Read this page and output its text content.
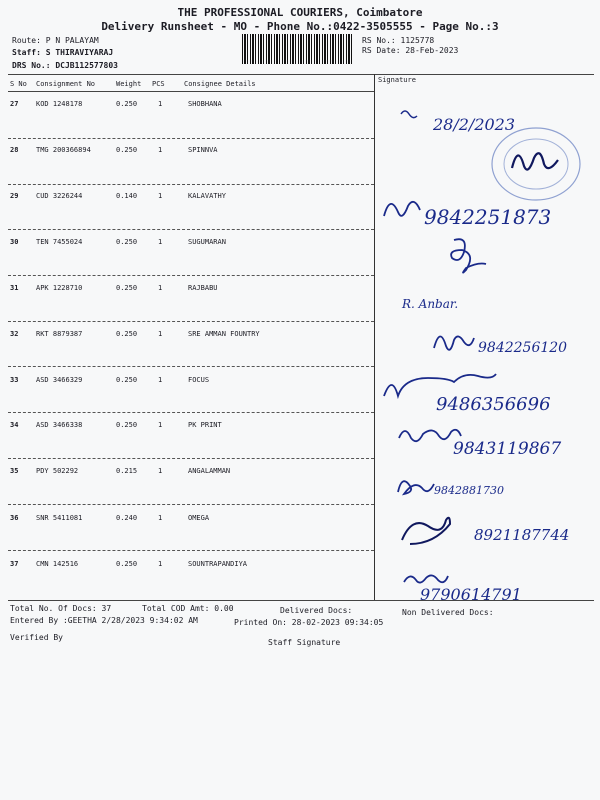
THE PROFESSIONAL COURIERS, Coimbatore
Delivery Runsheet - MO - Phone No.:0422-3505555 - Page No.:3
Route: P N PALAYAM
Staff: S THIRAVIYARAJ
DRS No.: DCJB112577803
RS No.: 1125778
RS Date: 28-Feb-2023
S No Consignment No	Weight PCS	Consignee Details	Signature
27	KOD 1248178	0.250	1	SHOBHANA
28	TMG 200366894	0.250	1	SPINNVA
29	CUD 3226244	0.140	1	KALAVATHY
30	TEN 7455024	0.250	1	SUGUMARAN
31	APK 1228710	0.250	1	RAJBABU
32	RKT 8879387	0.250	1	SRE AMMAN FOUNTRY
33	ASD 3466329	0.250	1	FOCUS
34	ASD 3466338	0.250	1	PK PRINT
35	PDY 502292	0.215	1	ANGALAMMAN
36	SNR 5411081	0.240	1	OMEGA
37	CMN 142516	0.250	1	SOUNTRAPANDIYA
28/2/2023
9842251873
R. Anbar.
9842256120
9486356696
9843119867
9842881730
8921187744
9790614791
Total No. Of Docs: 37	Total COD Amt: 0.00	Delivered Docs:	Non Delivered Docs:
Entered By :GEETHA 2/28/2023 9:34:02 AM	Printed On: 28-02-2023 09:34:05
Verified By
Staff Signature
